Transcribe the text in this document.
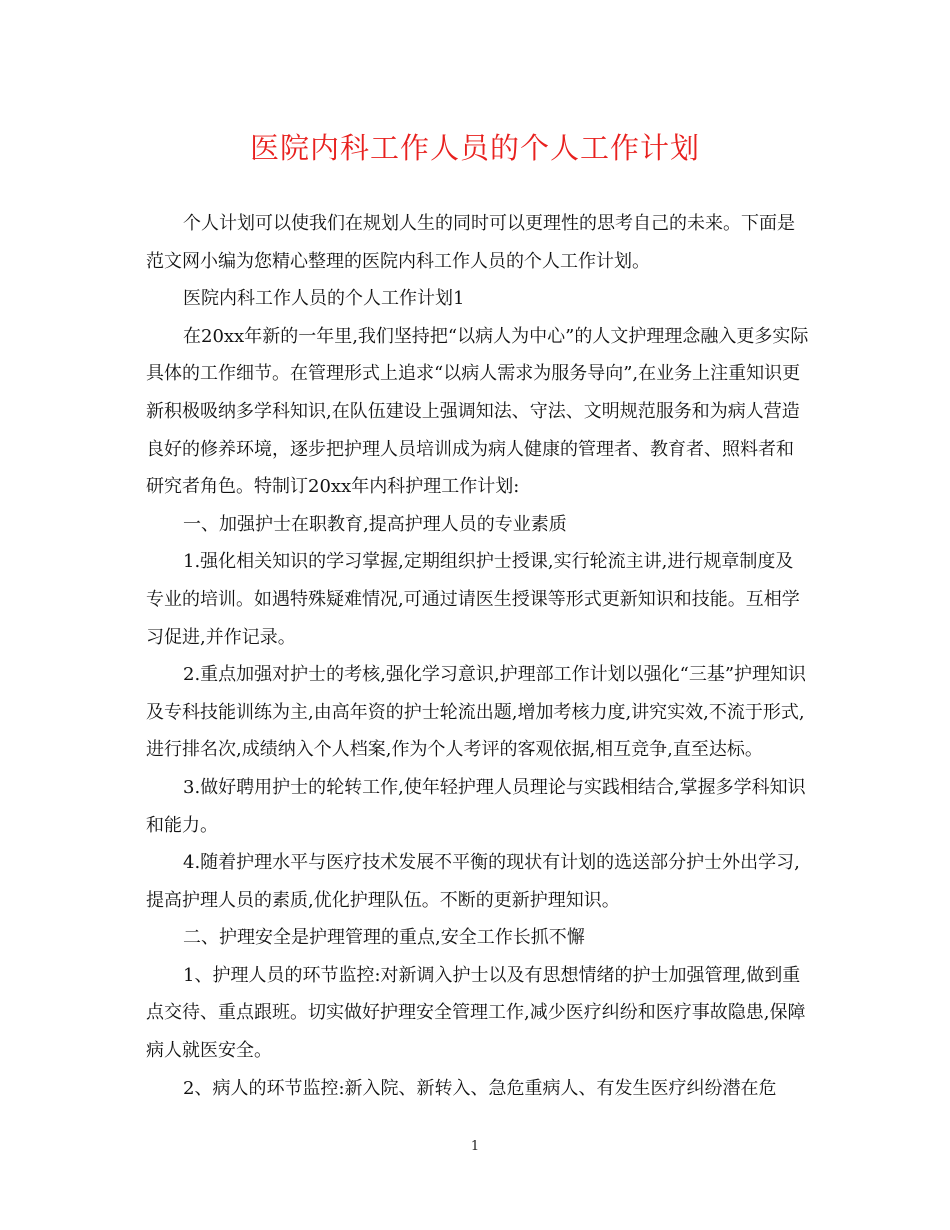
医院内科工作人员的个人工作计划

个人计划可以使我们在规划人生的同时可以更理性的思考自己的未来。下面是范文网小编为您精心整理的医院内科工作人员的个人工作计划。

医院内科工作人员的个人工作计划1

在20xx年新的一年里,我们坚持把“以病人为中心”的人文护理理念融入更多实际具体的工作细节。在管理形式上追求“以病人需求为服务导向”,在业务上注重知识更新积极吸纳多学科知识,在队伍建设上强调知法、守法、文明规范服务和为病人营造良好的修养环境，逐步把护理人员培训成为病人健康的管理者、教育者、照料者和研究者角色。特制订20xx年内科护理工作计划:

一、加强护士在职教育,提高护理人员的专业素质

1.强化相关知识的学习掌握,定期组织护士授课,实行轮流主讲,进行规章制度及专业的培训。如遇特殊疑难情况,可通过请医生授课等形式更新知识和技能。互相学习促进,并作记录。

2.重点加强对护士的考核,强化学习意识,护理部工作计划以强化“三基”护理知识及专科技能训练为主,由高年资的护士轮流出题,增加考核力度,讲究实效,不流于形式,进行排名次,成绩纳入个人档案,作为个人考评的客观依据,相互竞争,直至达标。

3.做好聘用护士的轮转工作,使年轻护理人员理论与实践相结合,掌握多学科知识和能力。

4.随着护理水平与医疗技术发展不平衡的现状有计划的选送部分护士外出学习,提高护理人员的素质,优化护理队伍。不断的更新护理知识。

二、护理安全是护理管理的重点,安全工作长抓不懈

1、护理人员的环节监控:对新调入护士以及有思想情绪的护士加强管理,做到重点交待、重点跟班。切实做好护理安全管理工作,减少医疗纠纷和医疗事故隐患,保障病人就医安全。

2、病人的环节监控:新入院、新转入、急危重病人、有发生医疗纠纷潜在危

1
